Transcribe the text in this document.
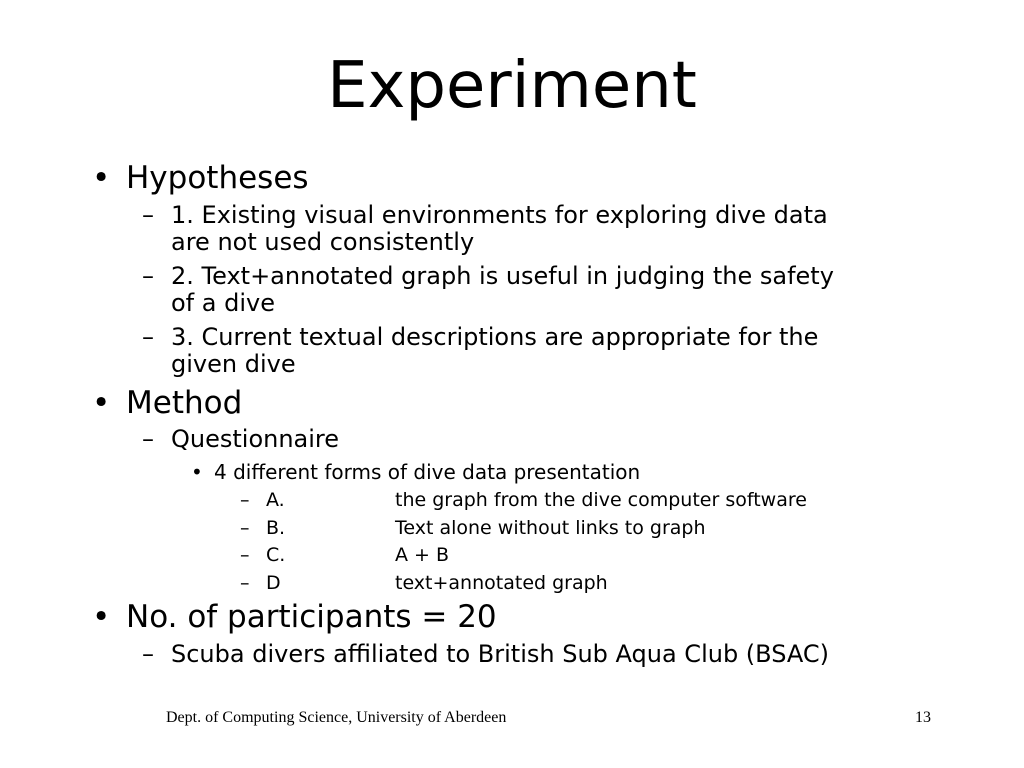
Experiment
• Hypotheses
– 1. Existing visual environments for exploring dive data
are not used consistently
– 2. Text+annotated graph is useful in judging the safety
of a dive
– 3. Current textual descriptions are appropriate for the
given dive
• Method
– Questionnaire
• 4 different forms of dive data presentation
– A.	the graph from the dive computer software
– B.	Text alone without links to graph
– C.	A + B
– D	text+annotated graph
• No. of participants = 20
– Scuba divers affiliated to British Sub Aqua Club (BSAC)
Dept. of Computing Science, University of Aberdeen	13
